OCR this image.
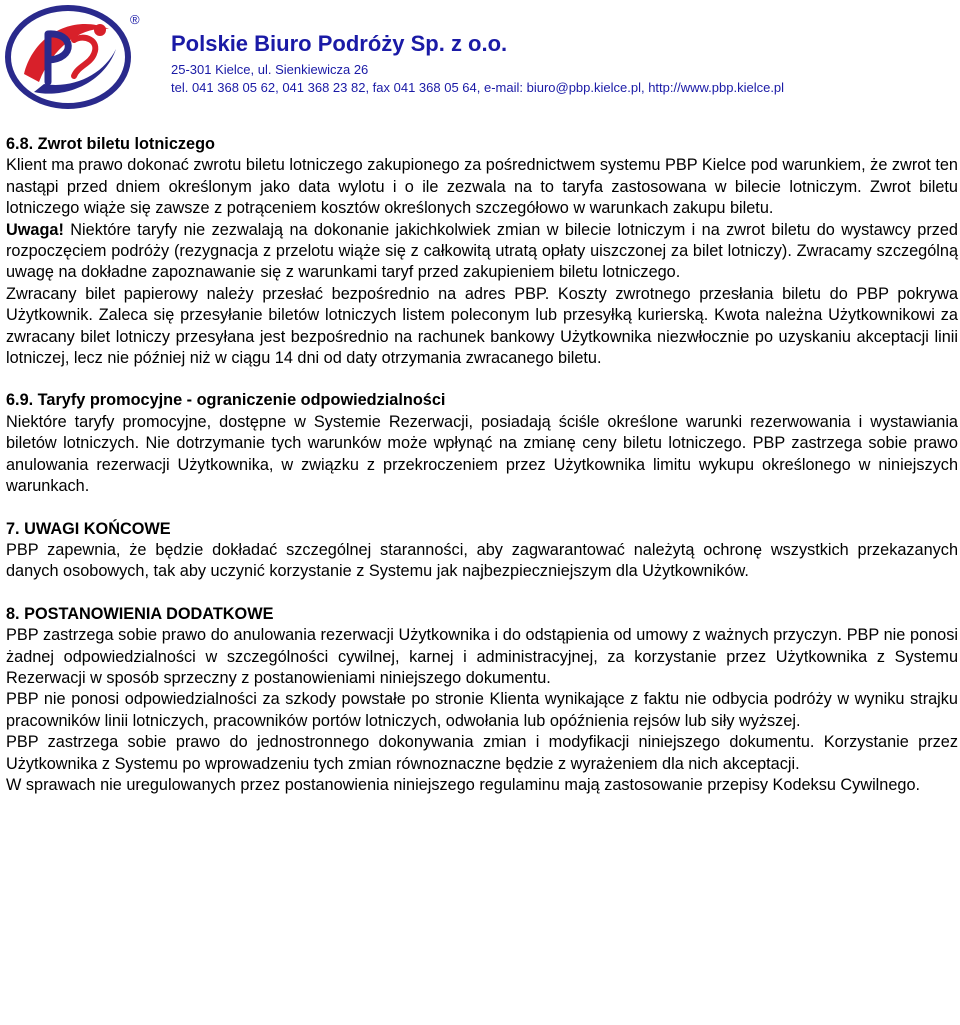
®
Polskie Biuro Podróży Sp. z o.o.
25-301 Kielce, ul. Sienkiewicza 26
tel. 041 368 05 62, 041 368 23 82, fax 041 368 05 64, e-mail: biuro@pbp.kielce.pl, http://www.pbp.kielce.pl

6.8. Zwrot biletu lotniczego

Klient ma prawo dokonać zwrotu biletu lotniczego zakupionego za pośrednictwem systemu PBP Kielce pod warunkiem, że zwrot ten nastąpi przed dniem określonym jako data wylotu i o ile zezwala na to taryfa zastosowana w bilecie lotniczym. Zwrot biletu lotniczego wiąże się zawsze z potrąceniem kosztów określonych szczegółowo w warunkach zakupu biletu.

Uwaga! Niektóre taryfy nie zezwalają na dokonanie jakichkolwiek zmian w bilecie lotniczym i na zwrot biletu do wystawcy przed rozpoczęciem podróży (rezygnacja z przelotu wiąże się z całkowitą utratą opłaty uiszczonej za bilet lotniczy). Zwracamy szczególną uwagę na dokładne zapoznawanie się z warunkami taryf przed zakupieniem biletu lotniczego.

Zwracany bilet papierowy należy przesłać bezpośrednio na adres PBP. Koszty zwrotnego przesłania biletu do PBP pokrywa Użytkownik. Zaleca się przesyłanie biletów lotniczych listem poleconym lub przesyłką kurierską. Kwota należna Użytkownikowi za zwracany bilet lotniczy przesyłana jest bezpośrednio na rachunek bankowy Użytkownika niezwłocznie po uzyskaniu akceptacji linii lotniczej, lecz nie później niż w ciągu 14 dni od daty otrzymania zwracanego biletu.

6.9. Taryfy promocyjne - ograniczenie odpowiedzialności

Niektóre taryfy promocyjne, dostępne w Systemie Rezerwacji, posiadają ściśle określone warunki rezerwowania i wystawiania biletów lotniczych. Nie dotrzymanie tych warunków może wpłynąć na zmianę ceny biletu lotniczego. PBP zastrzega sobie prawo anulowania rezerwacji Użytkownika, w związku z przekroczeniem przez Użytkownika limitu wykupu określonego w niniejszych warunkach.

7. UWAGI KOŃCOWE

PBP zapewnia, że będzie dokładać szczególnej staranności, aby zagwarantować należytą ochronę wszystkich przekazanych danych osobowych, tak aby uczynić korzystanie z Systemu jak najbezpieczniejszym dla Użytkowników.

8. POSTANOWIENIA DODATKOWE

PBP zastrzega sobie prawo do anulowania rezerwacji Użytkownika i do odstąpienia od umowy z ważnych przyczyn. PBP nie ponosi żadnej odpowiedzialności w szczególności cywilnej, karnej i administracyjnej, za korzystanie przez Użytkownika z Systemu Rezerwacji w sposób sprzeczny z postanowieniami niniejszego dokumentu.

PBP nie ponosi odpowiedzialności za szkody powstałe po stronie Klienta wynikające z faktu nie odbycia podróży w wyniku strajku pracowników linii lotniczych, pracowników portów lotniczych, odwołania lub opóźnienia rejsów lub siły wyższej.

PBP zastrzega sobie prawo do jednostronnego dokonywania zmian i modyfikacji niniejszego dokumentu. Korzystanie przez Użytkownika z Systemu po wprowadzeniu tych zmian równoznaczne będzie z wyrażeniem dla nich akceptacji.

W sprawach nie uregulowanych przez postanowienia niniejszego regulaminu mają zastosowanie przepisy Kodeksu Cywilnego.
